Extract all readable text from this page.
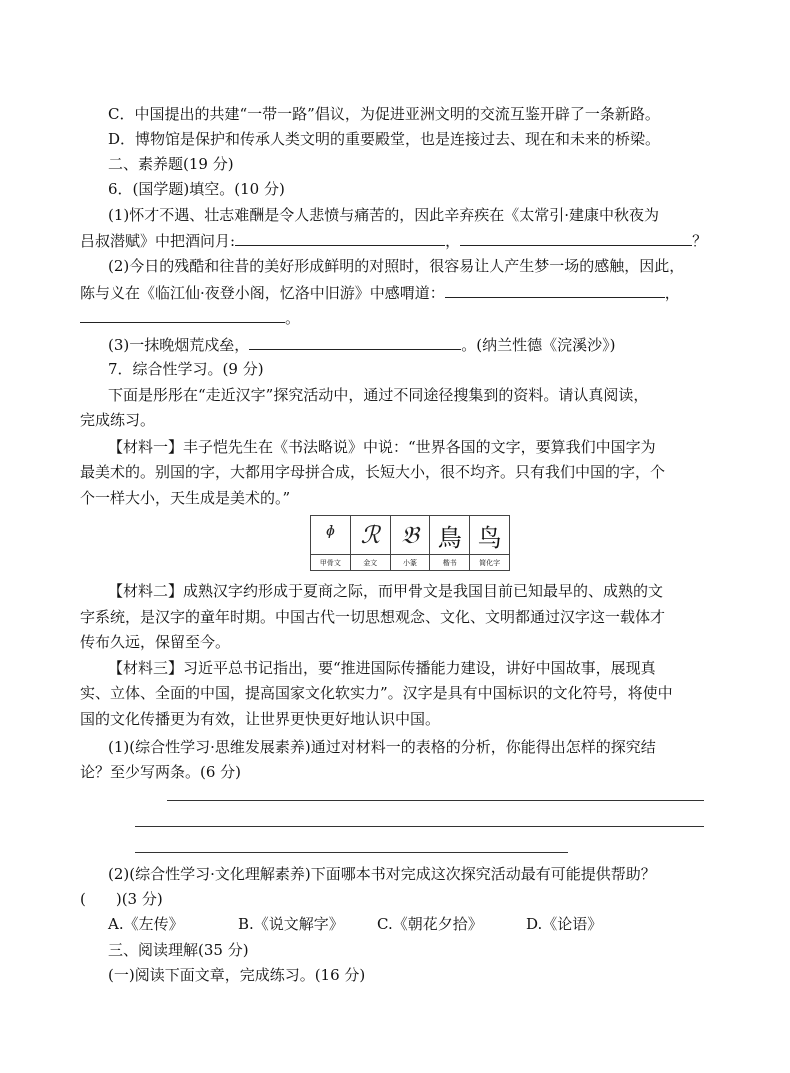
C．中国提出的共建“一带一路”倡议，为促进亚洲文明的交流互鉴开辟了一条新路。
D．博物馆是保护和传承人类文明的重要殿堂，也是连接过去、现在和未来的桥梁。
二、素养题(19 分)
6．(国学题)填空。(10 分)
(1)怀才不遇、壮志难酬是令人悲愤与痛苦的，因此辛弃疾在《太常引·建康中秋夜为
吕叔潜赋》中把酒问月:	，	？
(2)今日的残酷和往昔的美好形成鲜明的对照时，很容易让人产生梦一场的感触，因此，
陈与义在《临江仙·夜登小阁，忆洛中旧游》中感喟道：	，
。
(3)一抹晚烟荒戍垒，	。(纳兰性德《浣溪沙》)
7．综合性学习。(9 分)
下面是彤彤在“走近汉字”探究活动中，通过不同途径搜集到的资料。请认真阅读，
完成练习。
【材料一】丰子恺先生在《书法略说》中说：“世界各国的文字，要算我们中国字为
最美术的。别国的字，大都用字母拼合成，长短大小，很不均齐。只有我们中国的字，个
个一样大小，天生成是美术的。”
ᶲ	ℛ	𝔅	鳥	鸟
甲骨文	金文	小篆	楷书	简化字
【材料二】成熟汉字约形成于夏商之际，而甲骨文是我国目前已知最早的、成熟的文
字系统，是汉字的童年时期。中国古代一切思想观念、文化、文明都通过汉字这一载体才
传布久远，保留至今。
【材料三】习近平总书记指出，要“推进国际传播能力建设，讲好中国故事，展现真
实、立体、全面的中国，提高国家文化软实力”。汉字是具有中国标识的文化符号，将使中
国的文化传播更为有效，让世界更快更好地认识中国。
(1)(综合性学习·思维发展素养)通过对材料一的表格的分析，你能得出怎样的探究结
论？至少写两条。(6 分)
(2)(综合性学习·文化理解素养)下面哪本书对完成这次探究活动最有可能提供帮助？
(　　)(3 分)
A.《左传》	B.《说文解字》	C.《朝花夕拾》	D.《论语》
三、阅读理解(35 分)
(一)阅读下面文章，完成练习。(16 分)
